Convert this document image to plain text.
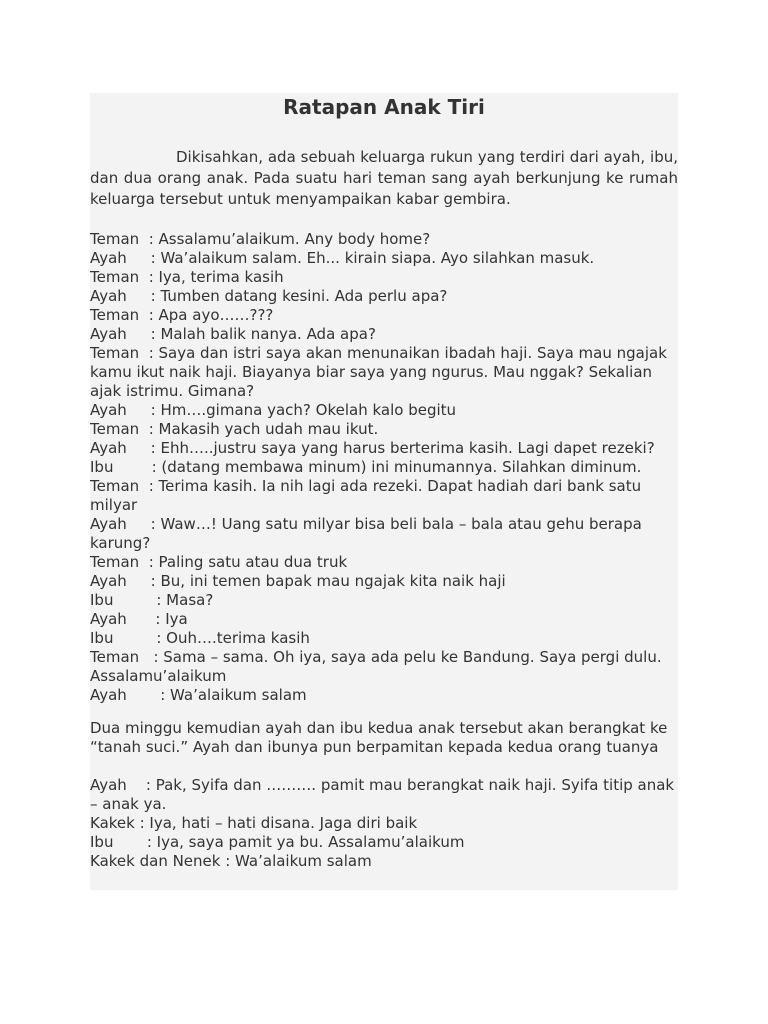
Ratapan Anak Tiri

Dikisahkan, ada sebuah keluarga rukun yang terdiri dari ayah, ibu, dan dua orang anak. Pada suatu hari teman sang ayah berkunjung ke rumah keluarga tersebut untuk menyampaikan kabar gembira.

Teman  : Assalamu’alaikum. Any body home?

Ayah     : Wa’alaikum salam. Eh... kirain siapa. Ayo silahkan masuk.

Teman  : Iya, terima kasih

Ayah     : Tumben datang kesini. Ada perlu apa?

Teman  : Apa ayo……???

Ayah     : Malah balik nanya. Ada apa?

Teman  : Saya dan istri saya akan menunaikan ibadah haji. Saya mau ngajak kamu ikut naik haji. Biayanya biar saya yang ngurus. Mau nggak? Sekalian ajak istrimu. Gimana?

Ayah     : Hm….gimana yach? Okelah kalo begitu

Teman  : Makasih yach udah mau ikut.

Ayah     : Ehh…..justru saya yang harus berterima kasih. Lagi dapet rezeki?

Ibu        : (datang membawa minum) ini minumannya. Silahkan diminum.

Teman  : Terima kasih. Ia nih lagi ada rezeki. Dapat hadiah dari bank satu milyar

Ayah     : Waw…! Uang satu milyar bisa beli bala – bala atau gehu berapa karung?

Teman  : Paling satu atau dua truk

Ayah     : Bu, ini temen bapak mau ngajak kita naik haji

Ibu         : Masa?

Ayah      : Iya

Ibu         : Ouh….terima kasih

Teman   : Sama – sama. Oh iya, saya ada pelu ke Bandung. Saya pergi dulu. Assalamu’alaikum

Ayah       : Wa’alaikum salam

Dua minggu kemudian ayah dan ibu kedua anak tersebut akan berangkat ke “tanah suci.” Ayah dan ibunya pun berpamitan kepada kedua orang tuanya

Ayah    : Pak, Syifa dan ………. pamit mau berangkat naik haji. Syifa titip anak – anak ya.

Kakek : Iya, hati – hati disana. Jaga diri baik

Ibu       : Iya, saya pamit ya bu. Assalamu’alaikum

Kakek dan Nenek : Wa’alaikum salam
